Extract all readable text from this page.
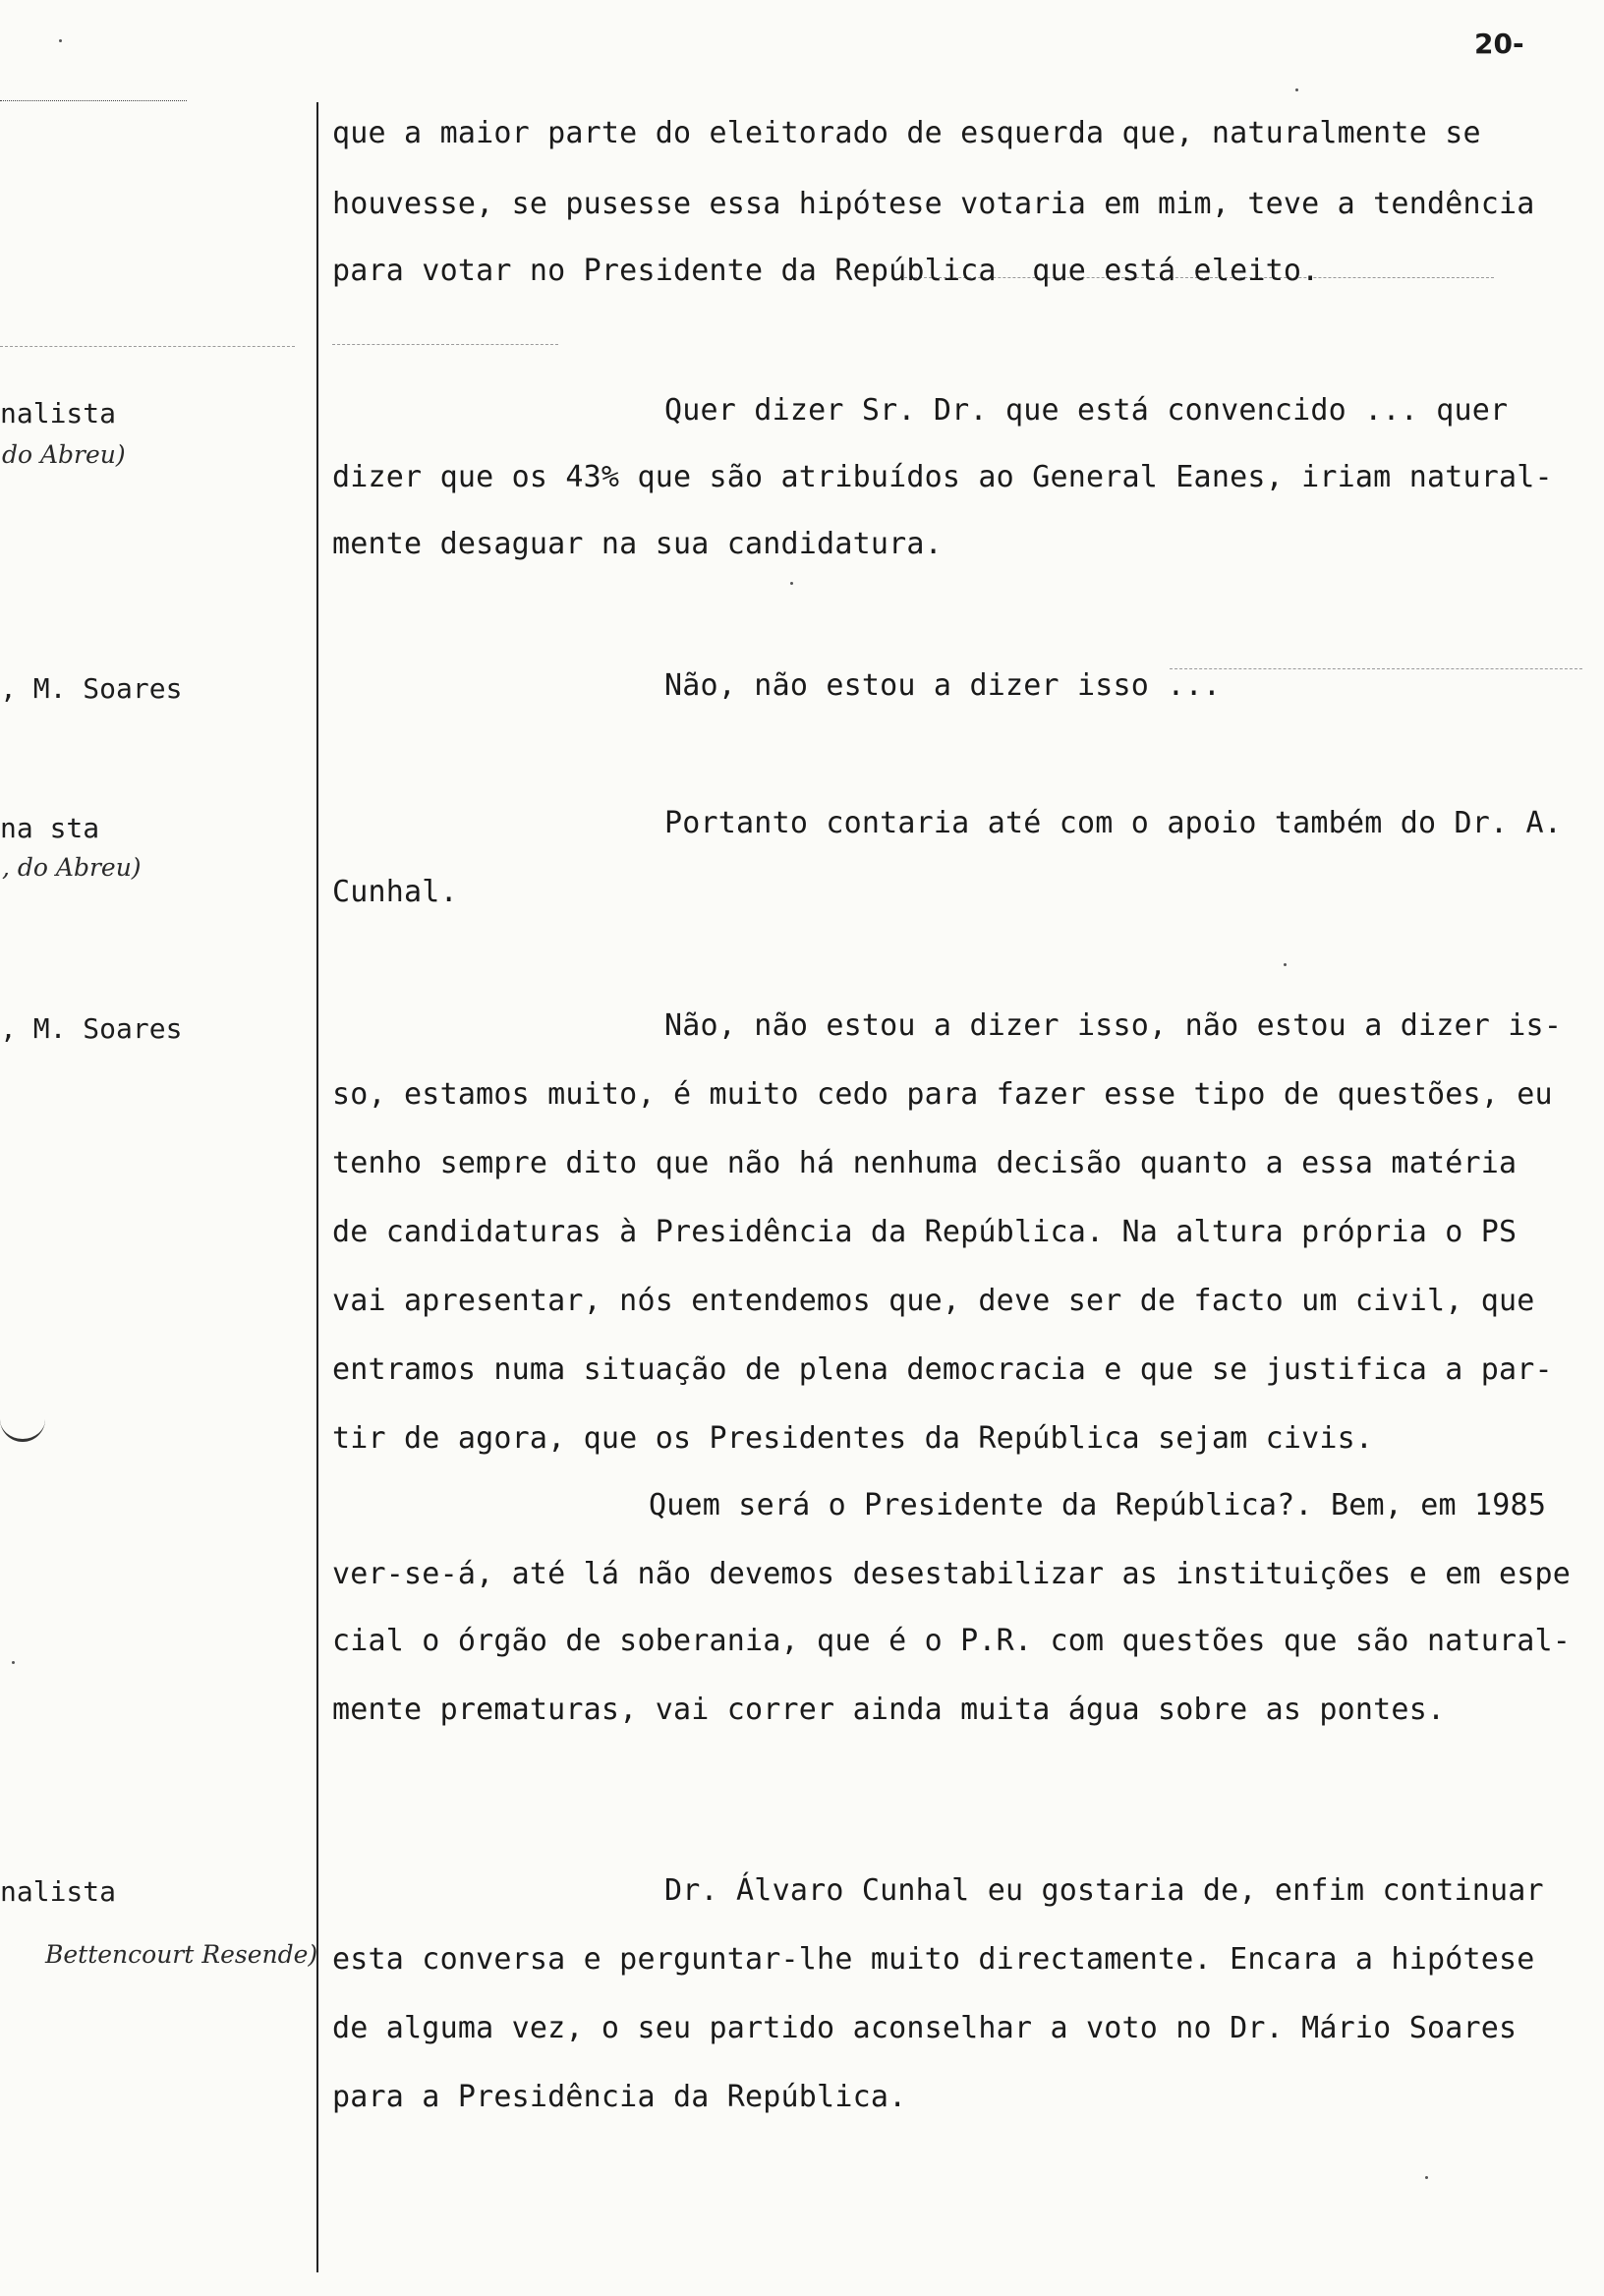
20-
nalista
do Abreu)
, M. Soares
na sta
, do Abreu)
, M. Soares
nalista
Bettencourt Resende)
que a maior parte do eleitorado de esquerda que, naturalmente se
houvesse, se pusesse essa hipótese votaria em mim, teve a tendência
para votar no Presidente da República  que está eleito.
Quer dizer Sr. Dr. que está convencido ... quer
dizer que os 43% que são atribuídos ao General Eanes, iriam natural-
mente desaguar na sua candidatura.
Não, não estou a dizer isso ...
Portanto contaria até com o apoio também do Dr. A.
Cunhal.
Não, não estou a dizer isso, não estou a dizer is-
so, estamos muito, é muito cedo para fazer esse tipo de questões, eu
tenho sempre dito que não há nenhuma decisão quanto a essa matéria
de candidaturas à Presidência da República. Na altura própria o PS
vai apresentar, nós entendemos que, deve ser de facto um civil, que
entramos numa situação de plena democracia e que se justifica a par-
tir de agora, que os Presidentes da República sejam civis.
Quem será o Presidente da República?. Bem, em 1985
ver-se-á, até lá não devemos desestabilizar as instituições e em espe
cial o órgão de soberania, que é o P.R. com questões que são natural-
mente prematuras, vai correr ainda muita água sobre as pontes.
Dr. Álvaro Cunhal eu gostaria de, enfim continuar
esta conversa e perguntar-lhe muito directamente. Encara a hipótese
de alguma vez, o seu partido aconselhar a voto no Dr. Mário Soares
para a Presidência da República.
